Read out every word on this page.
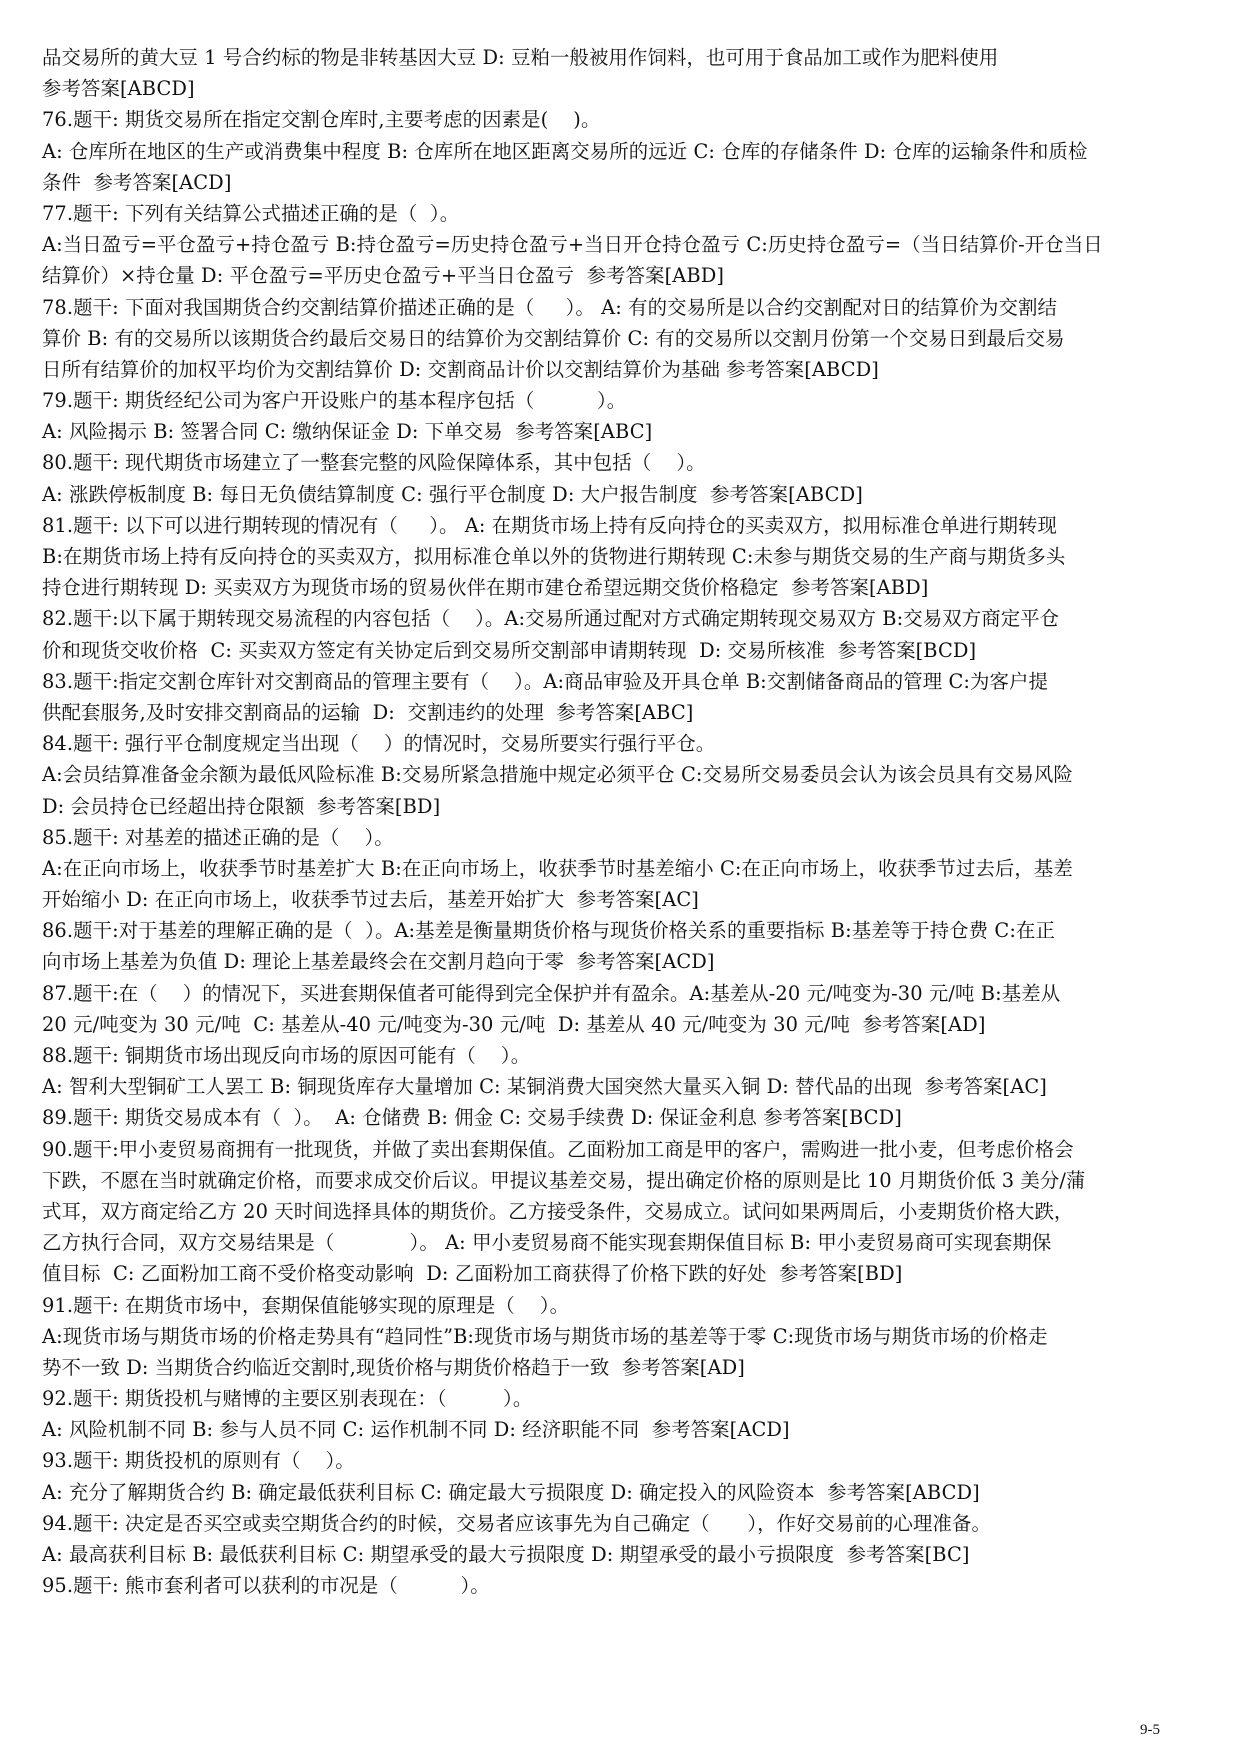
品交易所的黄大豆 1 号合约标的物是非转基因大豆 D: 豆粕一般被用作饲料，也可用于食品加工或作为肥料使用
参考答案[ABCD]
76.题干: 期货交易所在指定交割仓库时,主要考虑的因素是(    )。
A: 仓库所在地区的生产或消费集中程度 B: 仓库所在地区距离交易所的远近 C: 仓库的存储条件 D: 仓库的运输条件和质检
条件  参考答案[ACD]
77.题干: 下列有关结算公式描述正确的是（  ）。
A:当日盈亏=平仓盈亏+持仓盈亏 B:持仓盈亏=历史持仓盈亏+当日开仓持仓盈亏 C:历史持仓盈亏=（当日结算价-开仓当日
结算价）×持仓量 D: 平仓盈亏=平历史仓盈亏+平当日仓盈亏  参考答案[ABD]
78.题干: 下面对我国期货合约交割结算价描述正确的是（     ）。 A: 有的交易所是以合约交割配对日的结算价为交割结
算价 B: 有的交易所以该期货合约最后交易日的结算价为交割结算价 C: 有的交易所以交割月份第一个交易日到最后交易
日所有结算价的加权平均价为交割结算价 D: 交割商品计价以交割结算价为基础 参考答案[ABCD]
79.题干: 期货经纪公司为客户开设账户的基本程序包括（          ）。
A: 风险揭示 B: 签署合同 C: 缴纳保证金 D: 下单交易  参考答案[ABC]
80.题干: 现代期货市场建立了一整套完整的风险保障体系，其中包括（    ）。
A: 涨跌停板制度 B: 每日无负债结算制度 C: 强行平仓制度 D: 大户报告制度  参考答案[ABCD]
81.题干: 以下可以进行期转现的情况有（     ）。 A: 在期货市场上持有反向持仓的买卖双方，拟用标准仓单进行期转现
B:在期货市场上持有反向持仓的买卖双方，拟用标准仓单以外的货物进行期转现 C:未参与期货交易的生产商与期货多头
持仓进行期转现 D: 买卖双方为现货市场的贸易伙伴在期市建仓希望远期交货价格稳定  参考答案[ABD]
82.题干:以下属于期转现交易流程的内容包括（    ）。A:交易所通过配对方式确定期转现交易双方 B:交易双方商定平仓
价和现货交收价格  C: 买卖双方签定有关协定后到交易所交割部申请期转现  D: 交易所核准  参考答案[BCD]
83.题干:指定交割仓库针对交割商品的管理主要有（    ）。A:商品审验及开具仓单 B:交割储备商品的管理 C:为客户提
供配套服务,及时安排交割商品的运输  D:  交割违约的处理  参考答案[ABC]
84.题干: 强行平仓制度规定当出现（    ）的情况时，交易所要实行强行平仓。
A:会员结算准备金余额为最低风险标准 B:交易所紧急措施中规定必须平仓 C:交易所交易委员会认为该会员具有交易风险
D: 会员持仓已经超出持仓限额  参考答案[BD]
85.题干: 对基差的描述正确的是（    ）。
A:在正向市场上，收获季节时基差扩大 B:在正向市场上，收获季节时基差缩小 C:在正向市场上，收获季节过去后，基差
开始缩小 D: 在正向市场上，收获季节过去后，基差开始扩大  参考答案[AC]
86.题干:对于基差的理解正确的是（  ）。A:基差是衡量期货价格与现货价格关系的重要指标 B:基差等于持仓费 C:在正
向市场上基差为负值 D: 理论上基差最终会在交割月趋向于零  参考答案[ACD]
87.题干:在（    ）的情况下，买进套期保值者可能得到完全保护并有盈余。A:基差从-20 元/吨变为-30 元/吨 B:基差从
20 元/吨变为 30 元/吨  C: 基差从-40 元/吨变为-30 元/吨  D: 基差从 40 元/吨变为 30 元/吨  参考答案[AD]
88.题干: 铜期货市场出现反向市场的原因可能有（    ）。
A: 智利大型铜矿工人罢工 B: 铜现货库存大量增加 C: 某铜消费大国突然大量买入铜 D: 替代品的出现  参考答案[AC]
89.题干: 期货交易成本有（  ）。  A: 仓储费 B: 佣金 C: 交易手续费 D: 保证金利息 参考答案[BCD]
90.题干:甲小麦贸易商拥有一批现货，并做了卖出套期保值。乙面粉加工商是甲的客户，需购进一批小麦，但考虑价格会
下跌，不愿在当时就确定价格，而要求成交价后议。甲提议基差交易，提出确定价格的原则是比 10 月期货价低 3 美分/蒲
式耳，双方商定给乙方 20 天时间选择具体的期货价。乙方接受条件，交易成立。试问如果两周后，小麦期货价格大跌，
乙方执行合同，双方交易结果是（            ）。 A: 甲小麦贸易商不能实现套期保值目标 B: 甲小麦贸易商可实现套期保
值目标  C: 乙面粉加工商不受价格变动影响  D: 乙面粉加工商获得了价格下跌的好处  参考答案[BD]
91.题干: 在期货市场中，套期保值能够实现的原理是（    ）。
A:现货市场与期货市场的价格走势具有“趋同性”B:现货市场与期货市场的基差等于零 C:现货市场与期货市场的价格走
势不一致 D: 当期货合约临近交割时,现货价格与期货价格趋于一致  参考答案[AD]
92.题干: 期货投机与赌博的主要区别表现在：（         ）。
A: 风险机制不同 B: 参与人员不同 C: 运作机制不同 D: 经济职能不同  参考答案[ACD]
93.题干: 期货投机的原则有（    ）。
A: 充分了解期货合约 B: 确定最低获利目标 C: 确定最大亏损限度 D: 确定投入的风险资本  参考答案[ABCD]
94.题干: 决定是否买空或卖空期货合约的时候，交易者应该事先为自己确定（      ），作好交易前的心理准备。
A: 最高获利目标 B: 最低获利目标 C: 期望承受的最大亏损限度 D: 期望承受的最小亏损限度  参考答案[BC]
95.题干: 熊市套利者可以获利的市况是（          ）。
9-5
